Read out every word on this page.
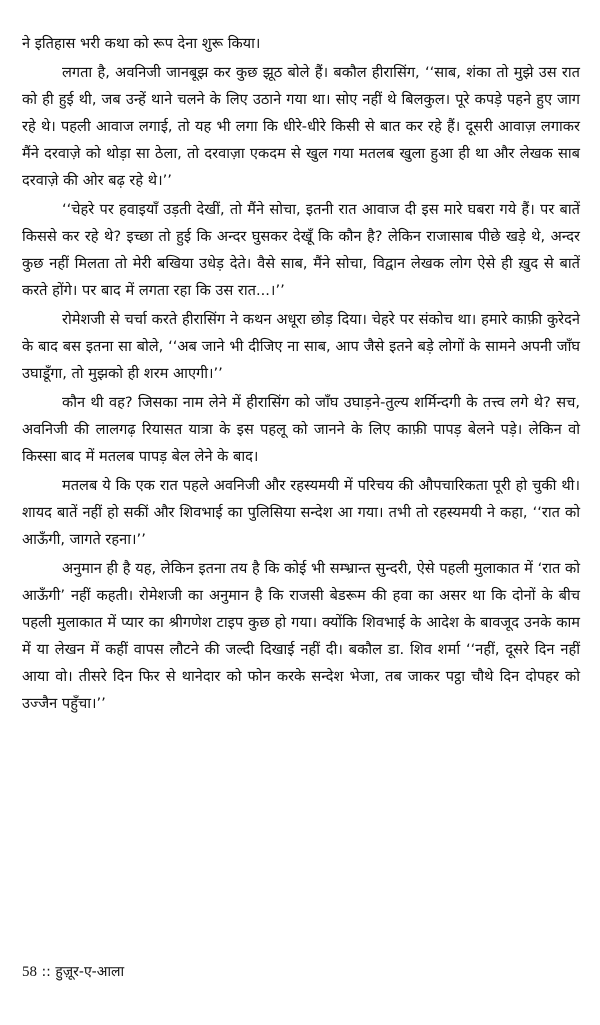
ने इतिहास भरी कथा को रूप देना शुरू किया।

लगता है, अवनिजी जानबूझ कर कुछ झूठ बोले हैं। बकौल हीरासिंग, ‘‘साब, शंका तो मुझे उस रात को ही हुई थी, जब उन्हें थाने चलने के लिए उठाने गया था। सोए नहीं थे बिलकुल। पूरे कपड़े पहने हुए जाग रहे थे। पहली आवाज लगाई, तो यह भी लगा कि धीरे-धीरे किसी से बात कर रहे हैं। दूसरी आवाज़ लगाकर मैंने दरवाज़े को थोड़ा सा ठेला, तो दरवाज़ा एकदम से खुल गया मतलब खुला हुआ ही था और लेखक साब दरवाज़े की ओर बढ़ रहे थे।’’

‘‘चेहरे पर हवाइयाँ उड़ती देखीं, तो मैंने सोचा, इतनी रात आवाज दी इस मारे घबरा गये हैं। पर बातें किससे कर रहे थे? इच्छा तो हुई कि अन्दर घुसकर देखूँ कि कौन है? लेकिन राजासाब पीछे खड़े थे, अन्दर कुछ नहीं मिलता तो मेरी बखिया उधेड़ देते। वैसे साब, मैंने सोचा, विद्वान लेखक लोग ऐसे ही ख़ुद से बातें करते होंगे। पर बाद में लगता रहा कि उस रात...।’’

रोमेशजी से चर्चा करते हीरासिंग ने कथन अधूरा छोड़ दिया। चेहरे पर संकोच था। हमारे काफ़ी कुरेदने के बाद बस इतना सा बोले, ‘‘अब जाने भी दीजिए ना साब, आप जैसे इतने बड़े लोगों के सामने अपनी जाँघ उघाडूँगा, तो मुझको ही शरम आएगी।’’

कौन थी वह? जिसका नाम लेने में हीरासिंग को जाँघ उघाड़ने-तुल्य शर्मिन्दगी के तत्त्व लगे थे? सच, अवनिजी की लालगढ़ रियासत यात्रा के इस पहलू को जानने के लिए काफ़ी पापड़ बेलने पड़े। लेकिन वो किस्सा बाद में मतलब पापड़ बेल लेने के बाद।

मतलब ये कि एक रात पहले अवनिजी और रहस्यमयी में परिचय की औपचारिकता पूरी हो चुकी थी। शायद बातें नहीं हो सकीं और शिवभाई का पुलिसिया सन्देश आ गया। तभी तो रहस्यमयी ने कहा, ‘‘रात को आऊँगी, जागते रहना।’’

अनुमान ही है यह, लेकिन इतना तय है कि कोई भी सम्भ्रान्त सुन्दरी, ऐसे पहली मुलाकात में ‘रात को आऊँगी’ नहीं कहती। रोमेशजी का अनुमान है कि राजसी बेडरूम की हवा का असर था कि दोनों के बीच पहली मुलाकात में प्यार का श्रीगणेश टाइप कुछ हो गया। क्योंकि शिवभाई के आदेश के बावजूद उनके काम में या लेखन में कहीं वापस लौटने की जल्दी दिखाई नहीं दी। बकौल डा. शिव शर्मा ‘‘नहीं, दूसरे दिन नहीं आया वो। तीसरे दिन फिर से थानेदार को फोन करके सन्देश भेजा, तब जाकर पट्ठा चौथे दिन दोपहर को उज्जैन पहुँचा।’’

58 :: हुज़ूर-ए-आला
